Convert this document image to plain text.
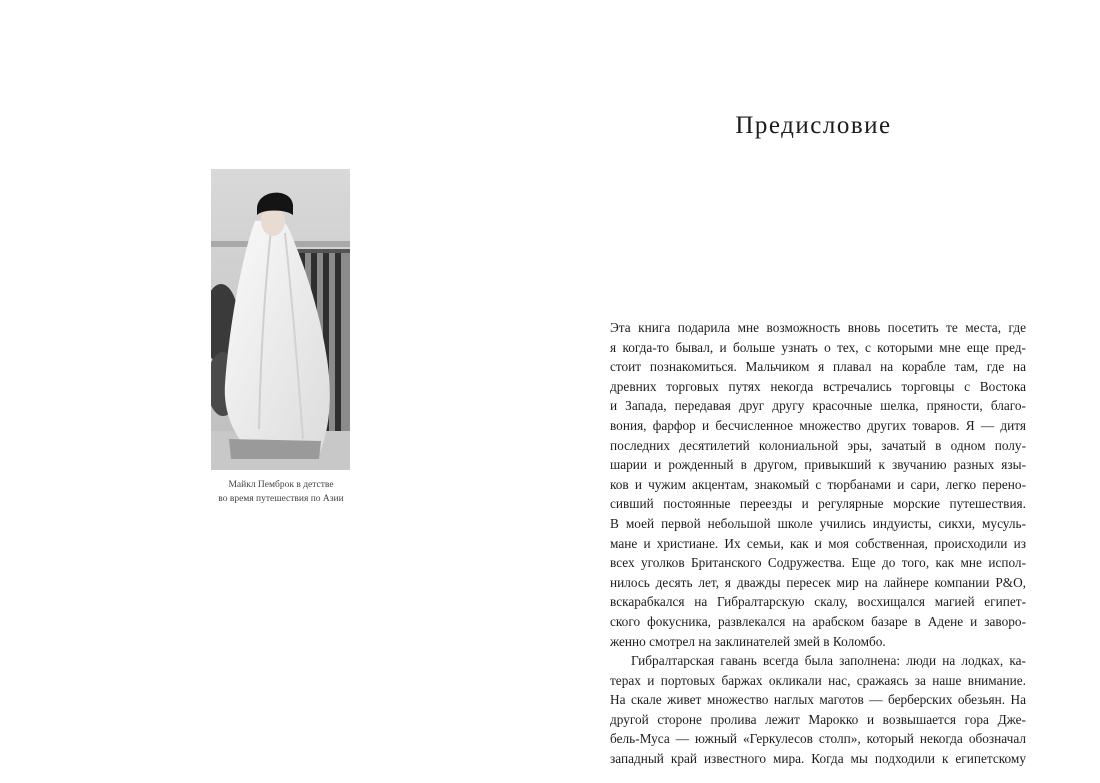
Майкл Пемброк в детстве
во время путешествия по Азии
Предисловие

Эта книга подарила мне возможность вновь посетить те места, где
я когда-то бывал, и больше узнать о тех, с которыми мне еще пред-
стоит познакомиться. Мальчиком я плавал на корабле там, где на
древних торговых путях некогда встречались торговцы с Востока
и Запада, передавая друг другу красочные шелка, пряности, благо-
вония, фарфор и бесчисленное множество других товаров. Я — дитя
последних десятилетий колониальной эры, зачатый в одном полу-
шарии и рожденный в другом, привыкший к звучанию разных язы-
ков и чужим акцентам, знакомый с тюрбанами и сари, легко перено-
сивший постоянные переезды и регулярные морские путешествия.
В моей первой небольшой школе учились индуисты, сикхи, мусуль-
мане и христиане. Их семьи, как и моя собственная, происходили из
всех уголков Британского Содружества. Еще до того, как мне испол-
нилось десять лет, я дважды пересек мир на лайнере компании P&O,
вскарабкался на Гибралтарскую скалу, восхищался магией египет-
ского фокусника, развлекался на арабском базаре в Адене и заворо-
женно смотрел на заклинателей змей в Коломбо.

Гибралтарская гавань всегда была заполнена: люди на лодках, ка-
терах и портовых баржах окликали нас, сражаясь за наше внимание.
На скале живет множество наглых маготов — берберских обезьян. На
другой стороне пролива лежит Марокко и возвышается гора Дже-
бель-Муса — южный «Геркулесов столп», который некогда обозначал
западный край известного мира. Когда мы подходили к египетскому
